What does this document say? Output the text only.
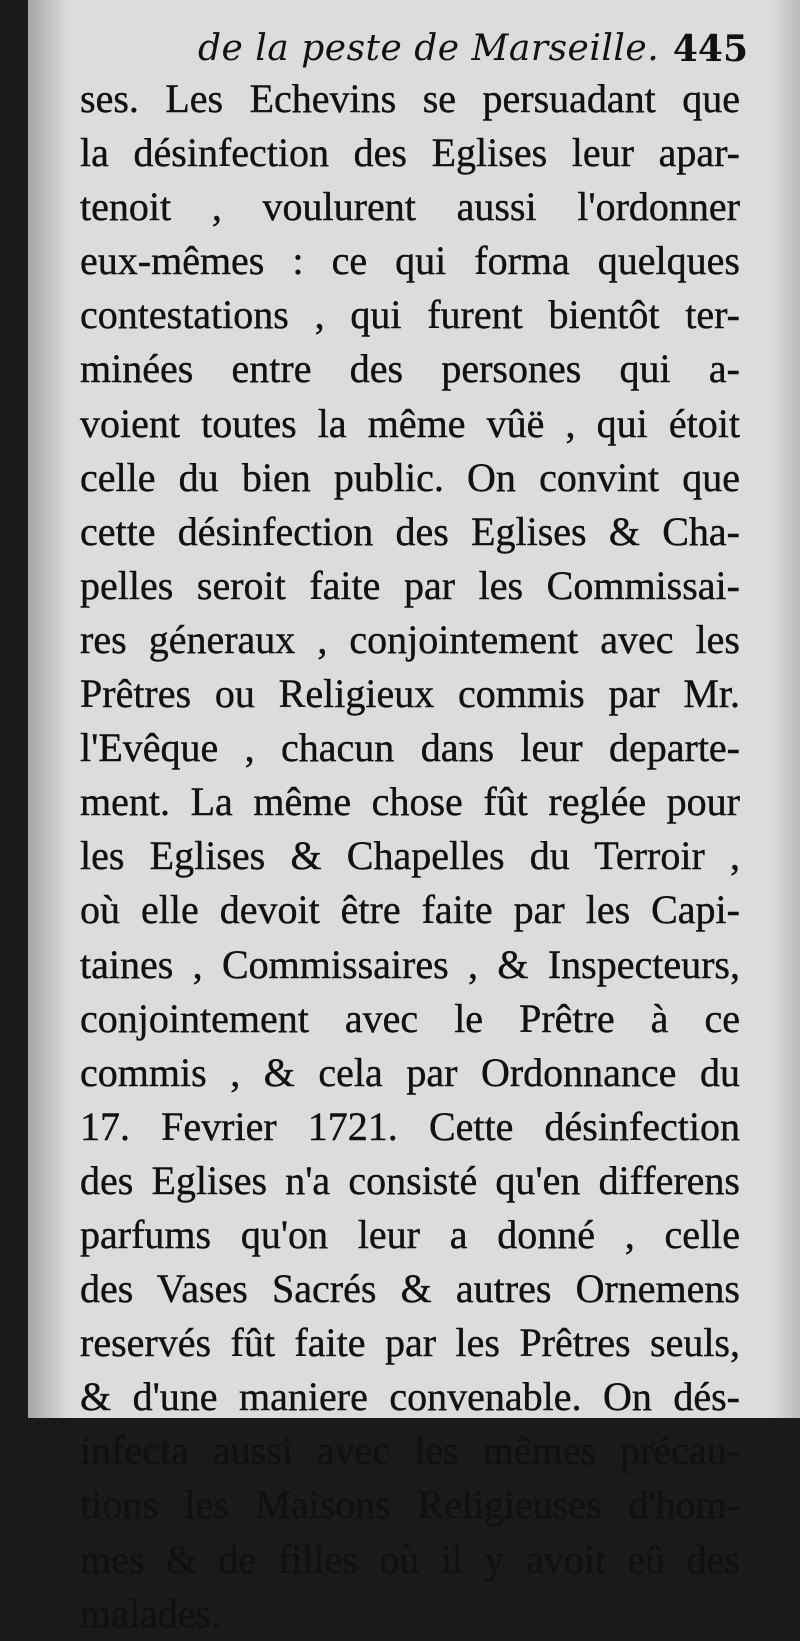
de la peste de Marseille. 445
ses. Les Echevins se persuadant que
la désinfection des Eglises leur apar-
tenoit , voulurent aussi l'ordonner
eux-mêmes : ce qui forma quelques
contestations , qui furent bientôt ter-
minées entre des persones qui a-
voient toutes la même vûë , qui étoit
celle du bien public. On convint que
cette désinfection des Eglises & Cha-
pelles seroit faite par les Commissai-
res géneraux , conjointement avec les
Prêtres ou Religieux commis par Mr.
l'Evêque , chacun dans leur departe-
ment. La même chose fût reglée pour
les Eglises & Chapelles du Terroir ,
où elle devoit être faite par les Capi-
taines , Commissaires , & Inspecteurs,
conjointement avec le Prêtre à ce
commis , & cela par Ordonnance du
17. Fevrier 1721. Cette désinfection
des Eglises n'a consisté qu'en differens
parfums qu'on leur a donné , celle
des Vases Sacrés & autres Ornemens
reservés fût faite par les Prêtres seuls,
& d'une maniere convenable. On dés-
infecta aussi avec les mêmes précau-
tions les Maisons Religieuses d'hom-
mes & de filles où il y avoit eû des
malades.
